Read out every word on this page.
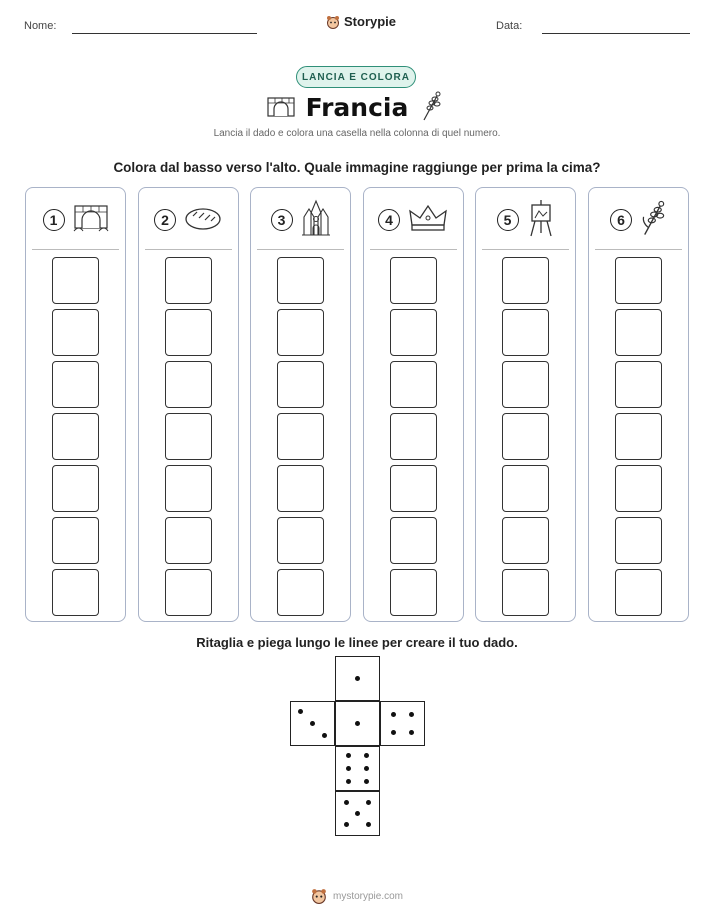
Nome:	Storypie	Data:
LANCIA E COLORA
Francia
Lancia il dado e colora una casella nella colonna di quel numero.
Colora dal basso verso l'alto. Quale immagine raggiunge per prima la cima?
1	2	3	4	5	6
Ritaglia e piega lungo le linee per creare il tuo dado.
mystorypie.com
